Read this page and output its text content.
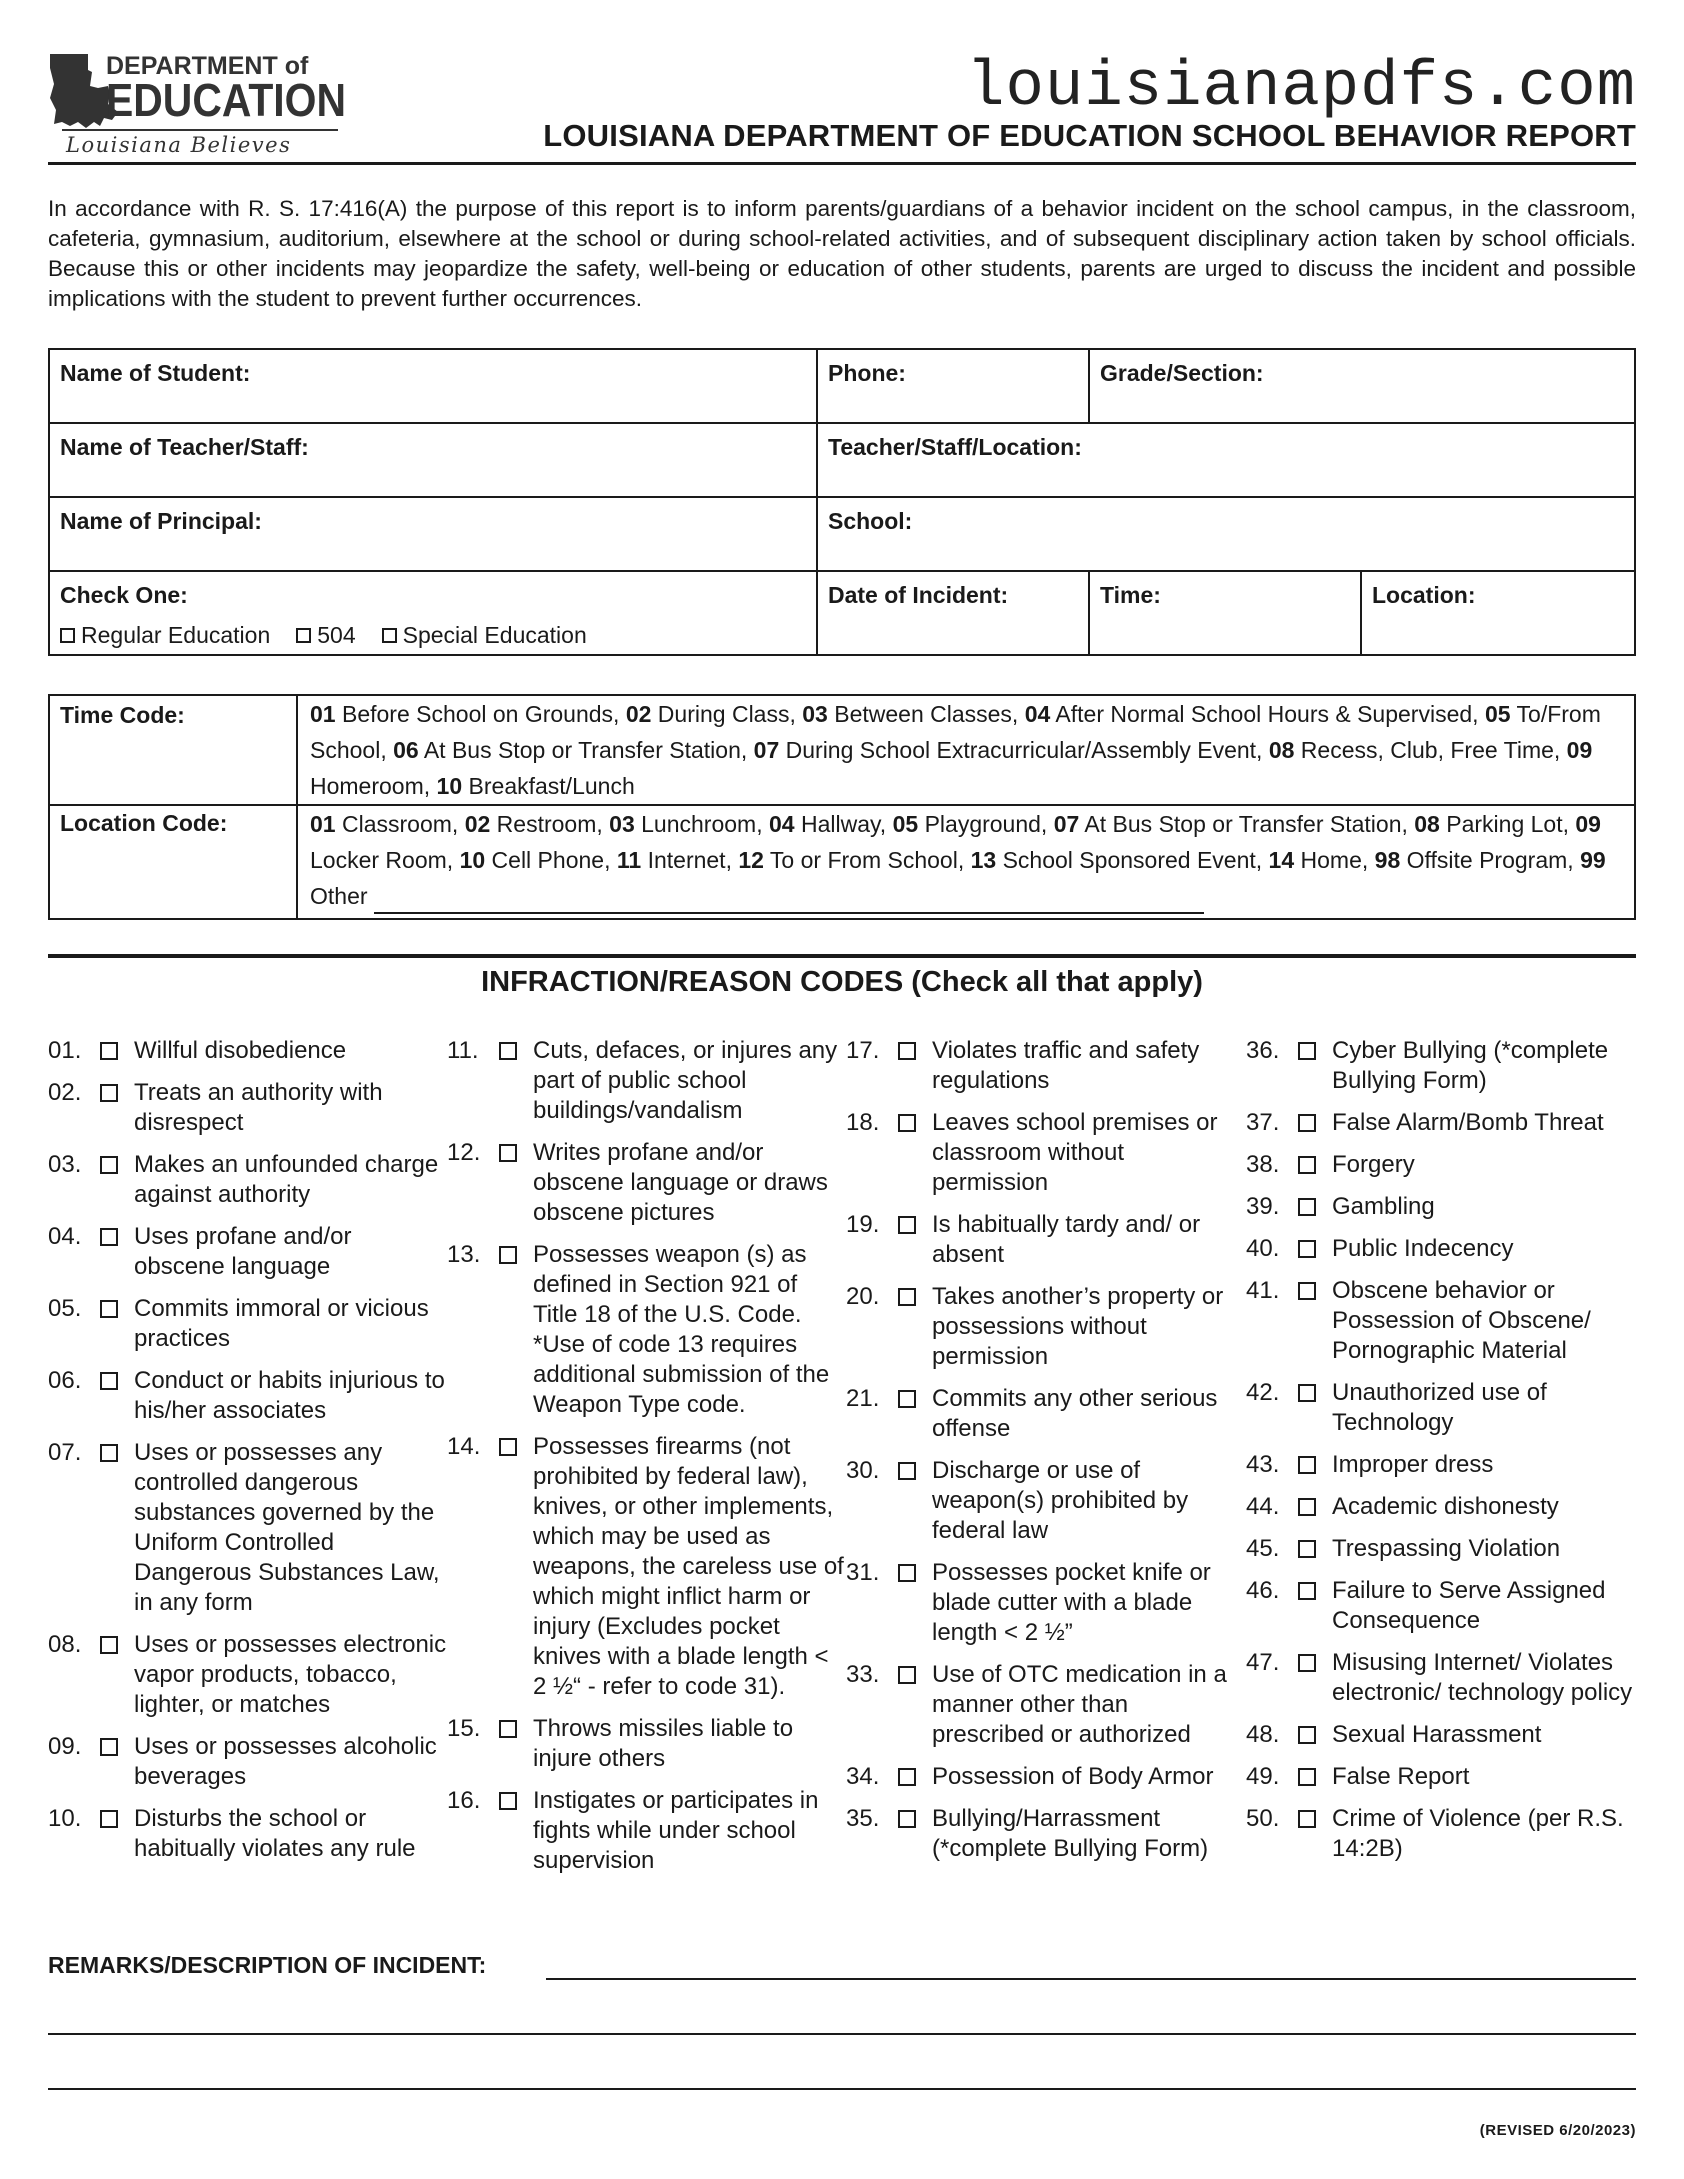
DEPARTMENT of
EDUCATION
Louisiana Believes
louisianapdfs.com
LOUISIANA DEPARTMENT OF EDUCATION SCHOOL BEHAVIOR REPORT

In accordance with R. S. 17:416(A) the purpose of this report is to inform parents/guardians of a behavior incident on the school campus, in the classroom, cafeteria, gymnasium, auditorium, elsewhere at the school or during school-related activities, and of subsequent disciplinary action taken by school officials. Because this or other incidents may jeopardize the safety, well-being or education of other students, parents are urged to discuss the incident and possible implications with the student to prevent further occurrences.

Name of Student:	Phone:	Grade/Section:
Name of Teacher/Staff:	Teacher/Staff/Location:
Name of Principal:	School:
Check One:
Regular Education 504 Special Education
Date of Incident:	Time:	Location:
Time Code:	01 Before School on Grounds, 02 During Class, 03 Between Classes, 04 After Normal School Hours & Supervised, 05 To/From School, 06 At Bus Stop or Transfer Station, 07 During School Extracurricular/Assembly Event, 08 Recess, Club, Free Time, 09 Homeroom, 10 Breakfast/Lunch

Location Code:	01 Classroom, 02 Restroom, 03 Lunchroom, 04 Hallway, 05 Playground, 07 At Bus Stop or Transfer Station, 08 Parking Lot, 09 Locker Room, 10 Cell Phone, 11 Internet, 12 To or From School, 13 School Sponsored Event, 14 Home, 98 Offsite Program, 99 Other

INFRACTION/REASON CODES (Check all that apply)
01.	Willful disobedience
02.	Treats an authority with disrespect
03.	Makes an unfounded charge against authority
04.	Uses profane and/or obscene language
05.	Commits immoral or vicious practices
06.	Conduct or habits injurious to his/her associates
07.	Uses or possesses any controlled dangerous substances governed by the Uniform Controlled Dangerous Substances Law, in any form
08.	Uses or possesses electronic vapor products, tobacco, lighter, or matches
09.	Uses or possesses alcoholic beverages
10.	Disturbs the school or habitually violates any rule
11.	Cuts, defaces, or injures any part of public school buildings/vandalism
12.	Writes profane and/or obscene language or draws obscene pictures
13.	Possesses weapon (s) as defined in Section 921 of Title 18 of the U.S. Code. *Use of code 13 requires additional submission of the Weapon Type code.
14.	Possesses firearms (not prohibited by federal law), knives, or other implements, which may be used as weapons, the careless use of which might inflict harm or injury (Excludes pocket knives with a blade length < 2 ½“ - refer to code 31).
15.	Throws missiles liable to injure others
16.	Instigates or participates in fights while under school supervision
17.	Violates traffic and safety regulations
18.	Leaves school premises or classroom without permission
19.	Is habitually tardy and/ or absent
20.	Takes another’s property or possessions without permission
21.	Commits any other serious offense
30.	Discharge or use of weapon(s) prohibited by federal law
31.	Possesses pocket knife or blade cutter with a blade length < 2 ½”
33.	Use of OTC medication in a manner other than prescribed or authorized
34.	Possession of Body Armor
35.	Bullying/Harrassment (*complete Bullying Form)
36.	Cyber Bullying (*complete Bullying Form)
37.	False Alarm/Bomb Threat
38.	Forgery
39.	Gambling
40.	Public Indecency
41.	Obscene behavior or Possession of Obscene/ Pornographic Material
42.	Unauthorized use of Technology
43.	Improper dress
44.	Academic dishonesty
45.	Trespassing Violation
46.	Failure to Serve Assigned Consequence
47.	Misusing Internet/ Violates electronic/ technology policy
48.	Sexual Harassment
49.	False Report
50.	Crime of Violence (per R.S. 14:2B)
REMARKS/DESCRIPTION OF INCIDENT:
(REVISED 6/20/2023)
